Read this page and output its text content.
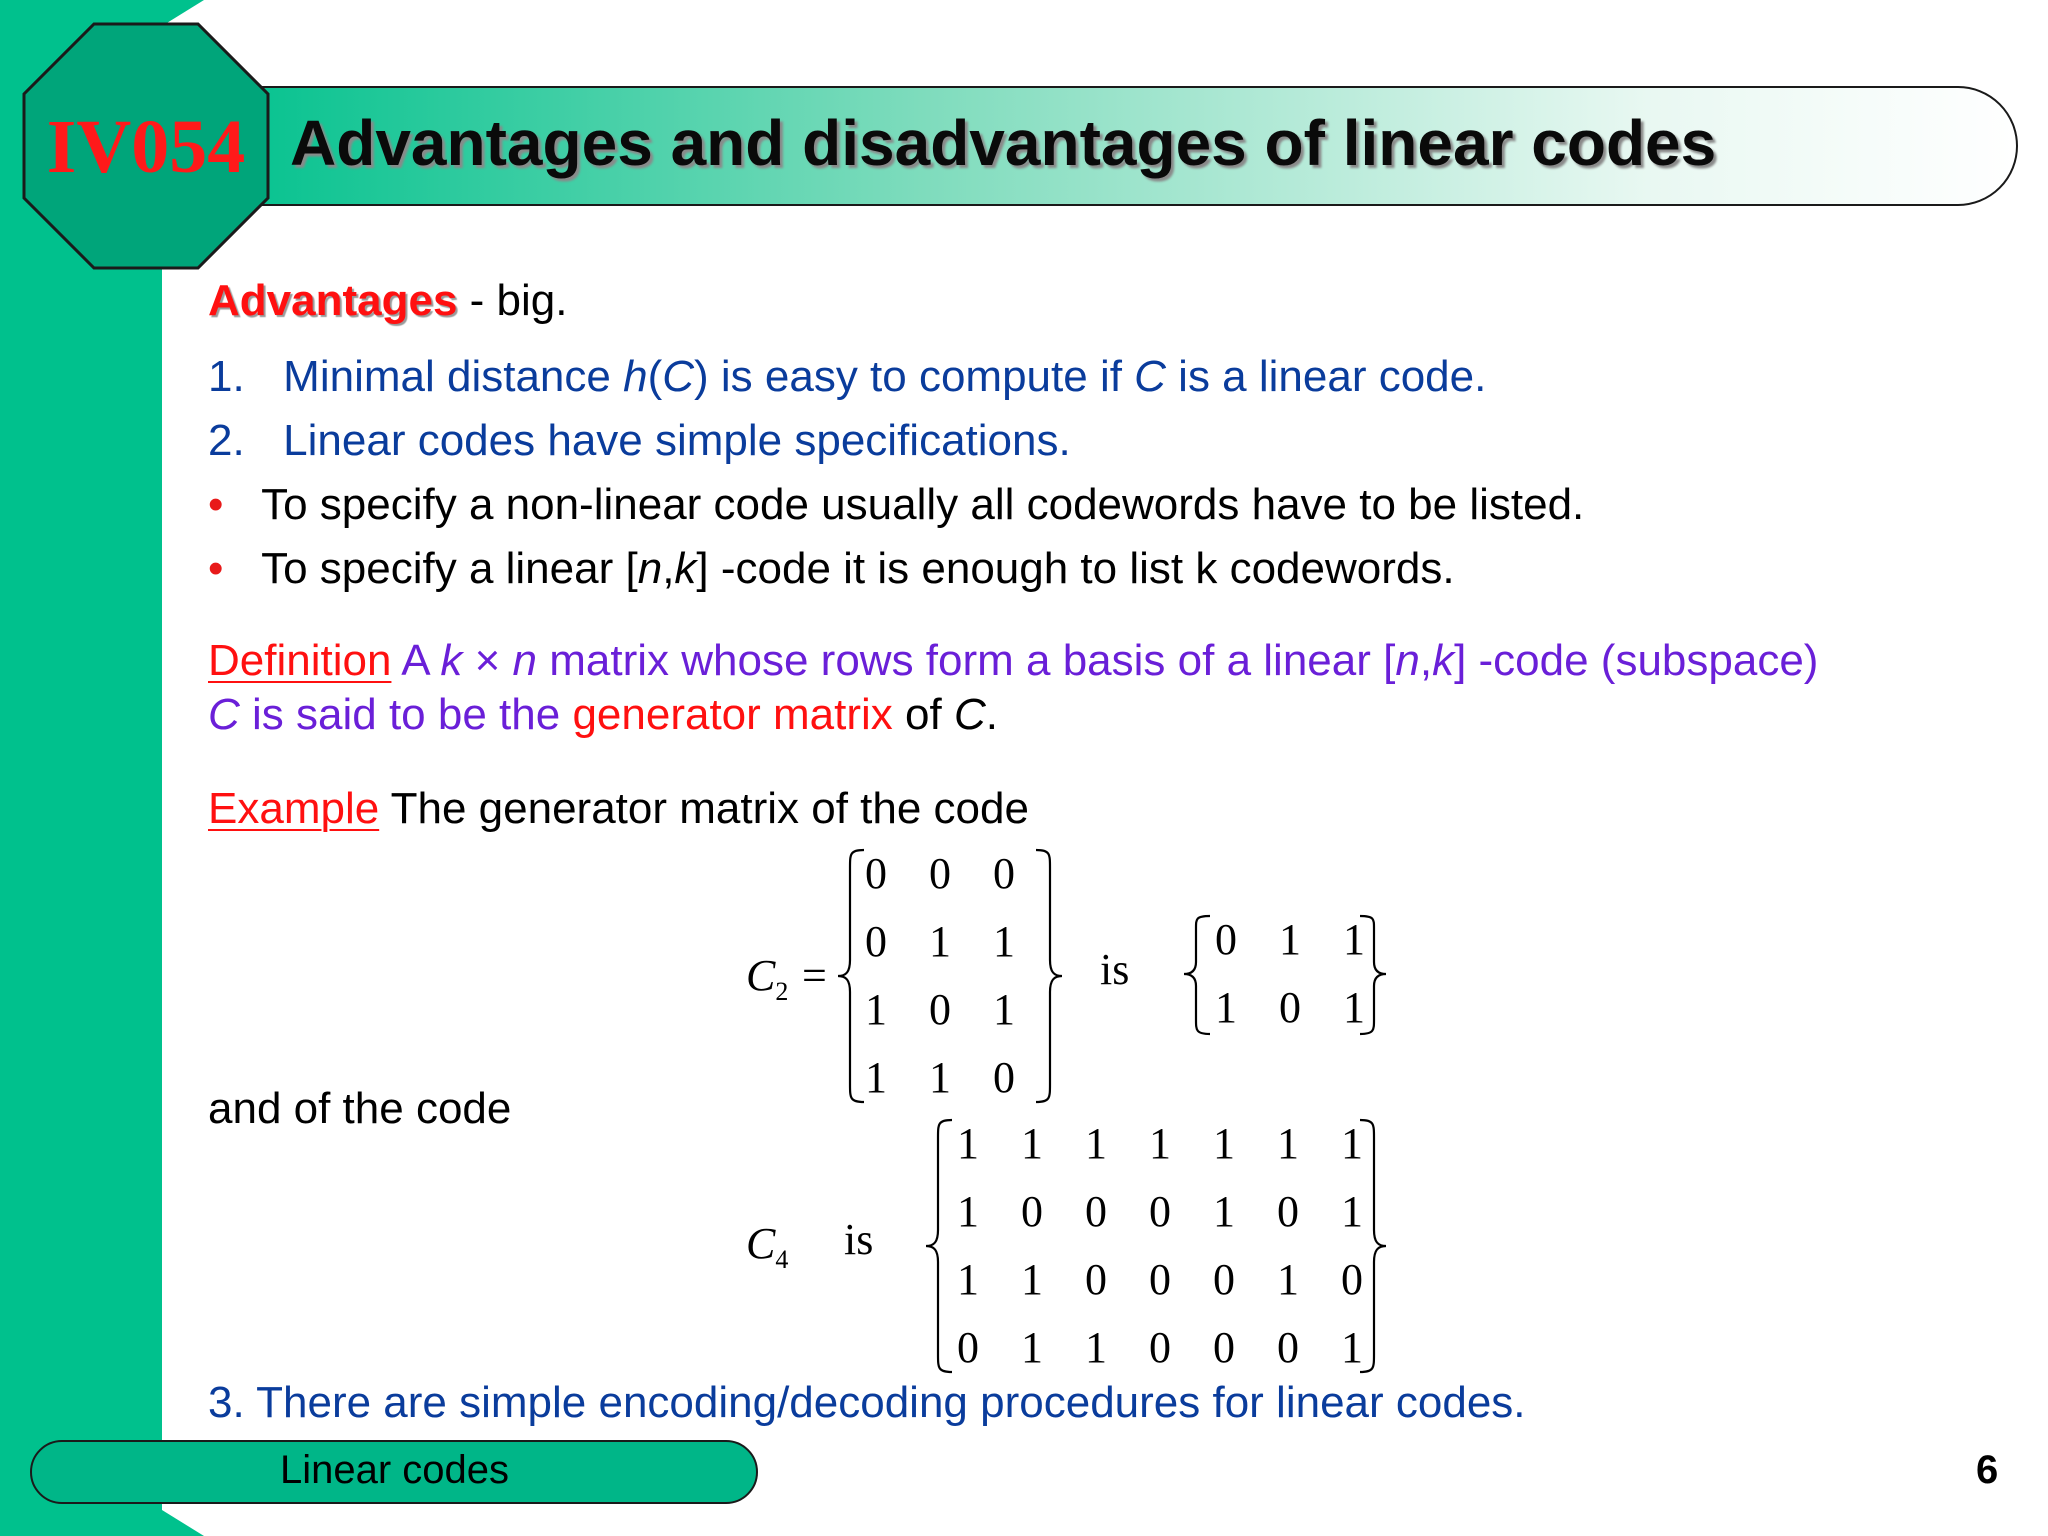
IV054 Advantages and disadvantages of linear codes
Advantages - big.
1. Minimal distance h(C) is easy to compute if C is a linear code.
2. Linear codes have simple specifications.
• To specify a non-linear code usually all codewords have to be listed.
• To specify a linear [n,k] -code it is enough to list k codewords.
Definition A k × n matrix whose rows form a basis of a linear [n,k] -code (subspace)
C is said to be the generator matrix of C.
Example The generator matrix of the code
$C_2$ =
0 0 0
0 1 1
1 0 1
1 1 0
is
0 1 1
1 0 1
and of the code
$C_4$ is
1 1 1 1 1 1 1
1 0 0 0 1 0 1
1 1 0 0 0 1 0
0 1 1 0 0 0 1
3. There are simple encoding/decoding procedures for linear codes.
Linear codes	6
